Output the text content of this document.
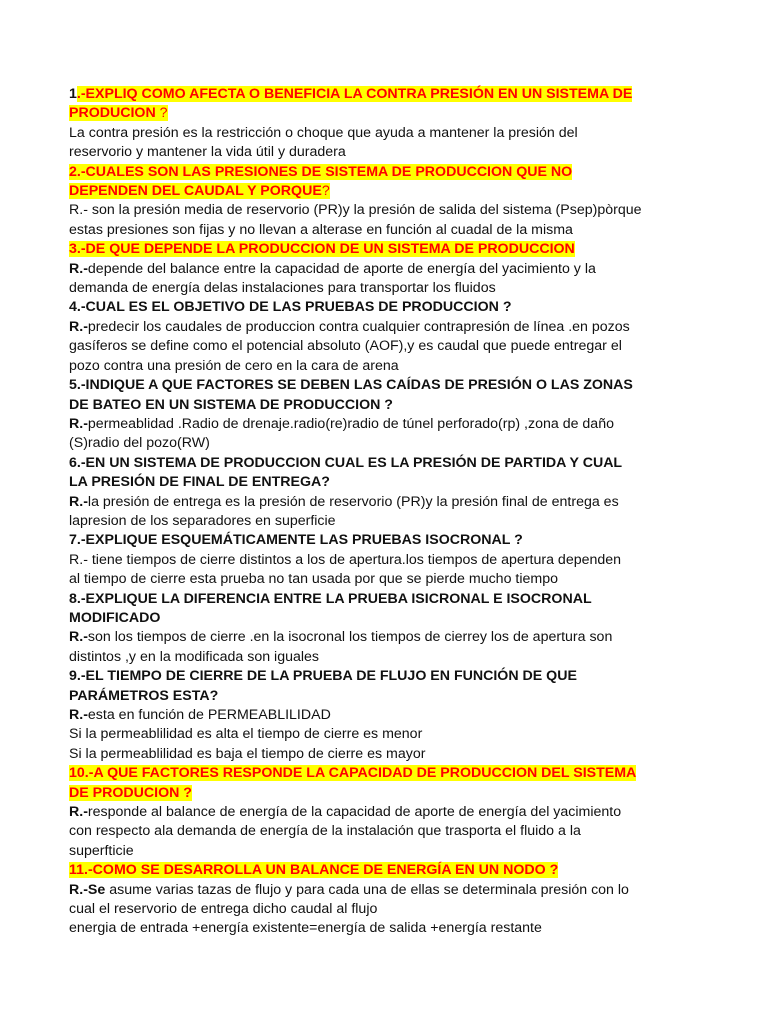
1.-EXPLIQ COMO AFECTA O BENEFICIA LA CONTRA PRESIÓN EN UN SISTEMA DE
PRODUCION ?

La contra presión es la restricción o choque que ayuda a mantener la presión del
reservorio y mantener la vida útil y duradera

2.-CUALES SON LAS PRESIONES DE SISTEMA DE PRODUCCION QUE NO
DEPENDEN DEL CAUDAL Y PORQUE?

R.- son la presión media de reservorio (PR)y la presión de salida del sistema (Psep)pòrque
estas presiones son fijas y no llevan a alterase en función al cuadal de la misma

3.-DE QUE DEPENDE LA PRODUCCION DE UN SISTEMA DE PRODUCCION

R.-depende del balance entre la capacidad de aporte de energía del yacimiento y la
demanda de energía delas instalaciones para transportar los fluidos

4.-CUAL ES EL OBJETIVO DE LAS PRUEBAS DE PRODUCCION ?

R.-predecir los caudales de produccion contra cualquier contrapresión de línea .en pozos
gasíferos se define como el potencial absoluto (AOF),y es caudal que puede entregar el
pozo contra una presión de cero en la cara de arena

5.-INDIQUE A QUE FACTORES SE DEBEN LAS CAÍDAS DE PRESIÓN O LAS ZONAS
DE BATEO EN UN SISTEMA DE PRODUCCION ?

R.-permeablidad .Radio de drenaje.radio(re)radio de túnel perforado(rp) ,zona de daño
(S)radio del pozo(RW)

6.-EN UN SISTEMA DE PRODUCCION CUAL ES LA PRESIÓN DE PARTIDA Y CUAL
LA PRESIÓN DE FINAL DE ENTREGA?

R.-la presión de entrega es la presión de reservorio (PR)y la presión final de entrega es
lapresion de los separadores en superficie

7.-EXPLIQUE ESQUEMÁTICAMENTE LAS PRUEBAS ISOCRONAL ?

R.- tiene tiempos de cierre distintos a los de apertura.los tiempos de apertura dependen
al tiempo de cierre esta prueba no tan usada por que se pierde mucho tiempo

8.-EXPLIQUE LA DIFERENCIA ENTRE LA PRUEBA ISICRONAL E ISOCRONAL
MODIFICADO

R.-son los tiempos de cierre .en la isocronal los tiempos de cierrey los de apertura son
distintos ,y en la modificada son iguales

9.-EL TIEMPO DE CIERRE DE LA PRUEBA DE FLUJO EN FUNCIÓN DE QUE
PARÁMETROS ESTA?

R.-esta en función de PERMEABLILIDAD
Si la permeablilidad es alta el tiempo de cierre es menor
Si la permeablilidad es baja el tiempo de cierre es mayor

10.-A QUE FACTORES RESPONDE LA CAPACIDAD DE PRODUCCION DEL SISTEMA
DE PRODUCION ?

R.-responde al balance de energía de la capacidad de aporte de energía del yacimiento
con respecto ala demanda de energía de la instalación que trasporta el fluido a la
superfticie

11.-COMO SE DESARROLLA UN BALANCE DE ENERGÍA EN UN NODO ?

R.-Se asume varias tazas de flujo y para cada una de ellas se determinala presión con lo
cual el reservorio de entrega dicho caudal al flujo
energia de entrada +energía existente=energía de salida +energía restante
